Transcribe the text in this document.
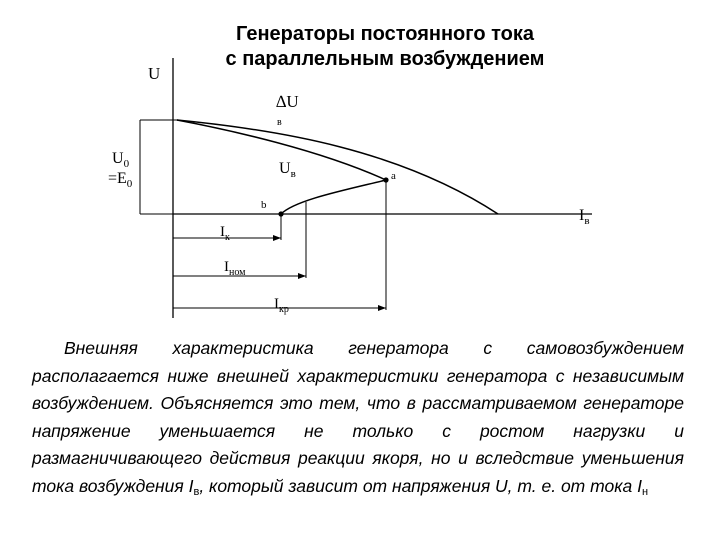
Генераторы постоянного тока
с параллельным возбуждением
U
∆U
в
$U_0$
$=E_0$
$U_в$	а
b
$I_в$
$I_к$
$I_{ном}$
$I_{кр}$
Внешняя характеристика генератора с самовозбуждением располагается ниже внешней характеристики генератора с независимым возбуждением. Объясняется это тем, что в рассматриваемом генераторе напряжение уменьшается не только с ростом нагрузки и размагничивающего действия реакции якоря, но и вследствие уменьшения тока возбуждения $I_в$, который зависит от напряжения U, т. е. от тока $I_н$
